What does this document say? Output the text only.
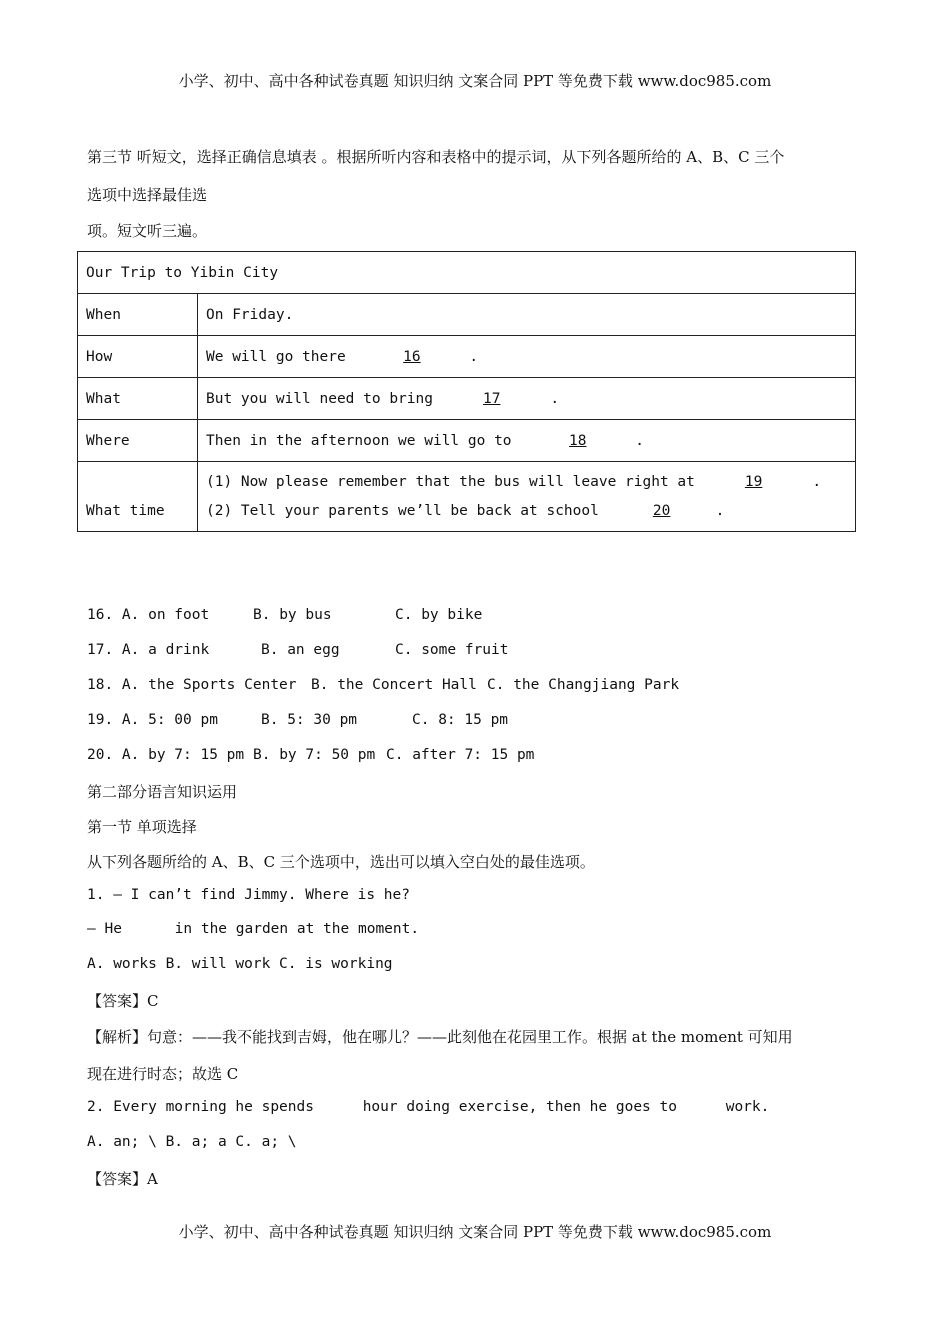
小学、初中、高中各种试卷真题 知识归纳 文案合同 PPT 等免费下载 www.doc985.com
第三节 听短文，选择正确信息填表 。根据所听内容和表格中的提示词，从下列各题所给的 A、B、C 三个
选项中选择最佳选
项。短文听三遍。
Our Trip to Yibin City	
When	On Friday.
How	We will go there 16 .
What	But you will need to bring 17 .
Where	Then in the afternoon we will go to 18 .
What time	(1) Now please remember that the bus will leave right at 19 .
(2) Tell your parents we’ll be back at school 20 .
16. A. on foot	B. by bus	C. by bike
17. A. a drink	B. an egg	C. some fruit
18. A. the Sports Center B. the Concert Hall C. the Changjiang Park
19. A. 5: 00 pm	B. 5: 30 pm	C. 8: 15 pm
20. A. by 7: 15 pm B. by 7: 50 pm C. after 7: 15 pm
第二部分语言知识运用
第一节 单项选择
从下列各题所给的 A、B、C 三个选项中，选出可以填入空白处的最佳选项。
1. — I can’t find Jimmy. Where is he?
— He	in the garden at the moment.
A. works B. will work C. is working
【答案】C
【解析】句意：——我不能找到吉姆，他在哪儿？——此刻他在花园里工作。根据 at the moment 可知用
现在进行时态；故选 C
2. Every morning he spends	hour doing exercise, then he goes to	work.
A. an; \ B. a; a C. a; \
【答案】A
小学、初中、高中各种试卷真题 知识归纳 文案合同 PPT 等免费下载 www.doc985.com
